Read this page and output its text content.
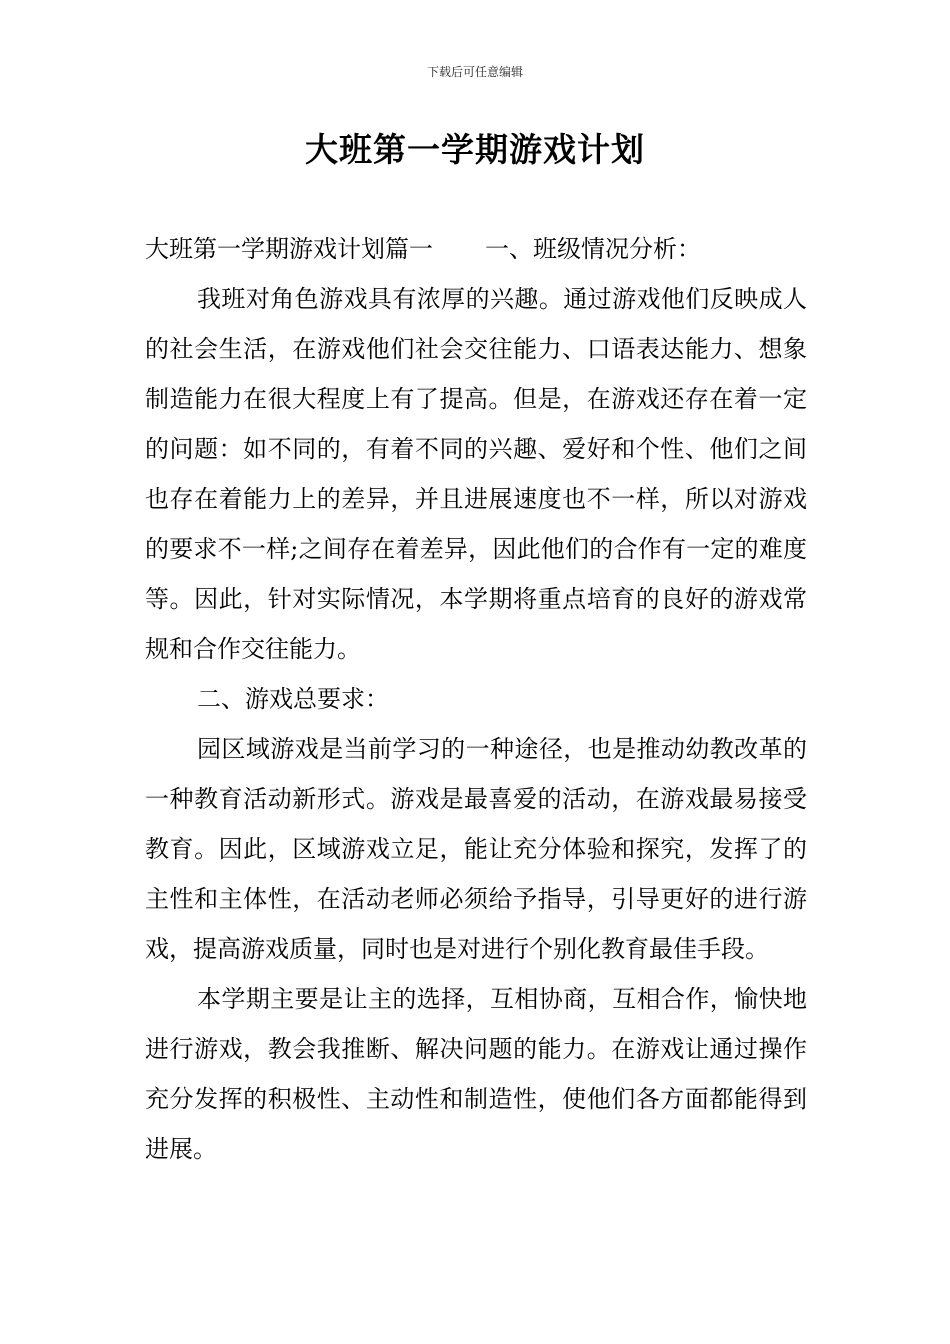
下载后可任意编辑
大班第一学期游戏计划

大班第一学期游戏计划篇一 一、班级情况分析：

我班对角色游戏具有浓厚的兴趣。通过游戏他们反映成人的社会生活，在游戏他们社会交往能力、口语表达能力、想象制造能力在很大程度上有了提高。但是，在游戏还存在着一定的问题：如不同的，有着不同的兴趣、爱好和个性、他们之间也存在着能力上的差异，并且进展速度也不一样，所以对游戏的要求不一样;之间存在着差异，因此他们的合作有一定的难度等。因此，针对实际情况，本学期将重点培育的良好的游戏常规和合作交往能力。

二、游戏总要求：

园区域游戏是当前学习的一种途径，也是推动幼教改革的一种教育活动新形式。游戏是最喜爱的活动，在游戏最易接受教育。因此，区域游戏立足，能让充分体验和探究，发挥了的主性和主体性，在活动老师必须给予指导，引导更好的进行游戏，提高游戏质量，同时也是对进行个别化教育最佳手段。

本学期主要是让主的选择，互相协商，互相合作，愉快地进行游戏，教会我推断、解决问题的能力。在游戏让通过操作充分发挥的积极性、主动性和制造性，使他们各方面都能得到进展。
